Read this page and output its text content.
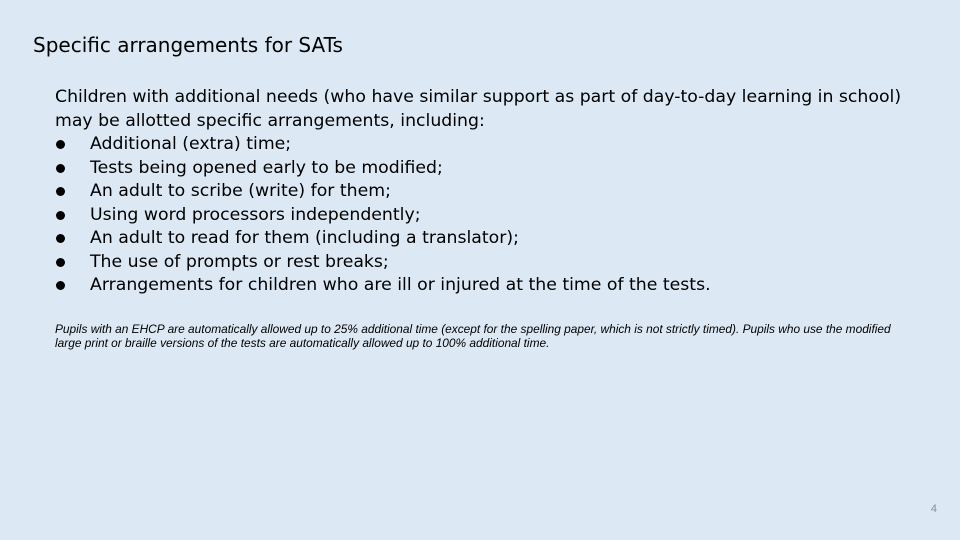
Specific arrangements for SATs

Children with additional needs (who have similar support as part of day-to-day learning in school) may be allotted specific arrangements, including:

Additional (extra) time;
Tests being opened early to be modified;
An adult to scribe (write) for them;
Using word processors independently;
An adult to read for them (including a translator);
The use of prompts or rest breaks;
Arrangements for children who are ill or injured at the time of the tests.

Pupils with an EHCP are automatically allowed up to 25% additional time (except for the spelling paper, which is not strictly timed). Pupils who use the modified large print or braille versions of the tests are automatically allowed up to 100% additional time.

4
